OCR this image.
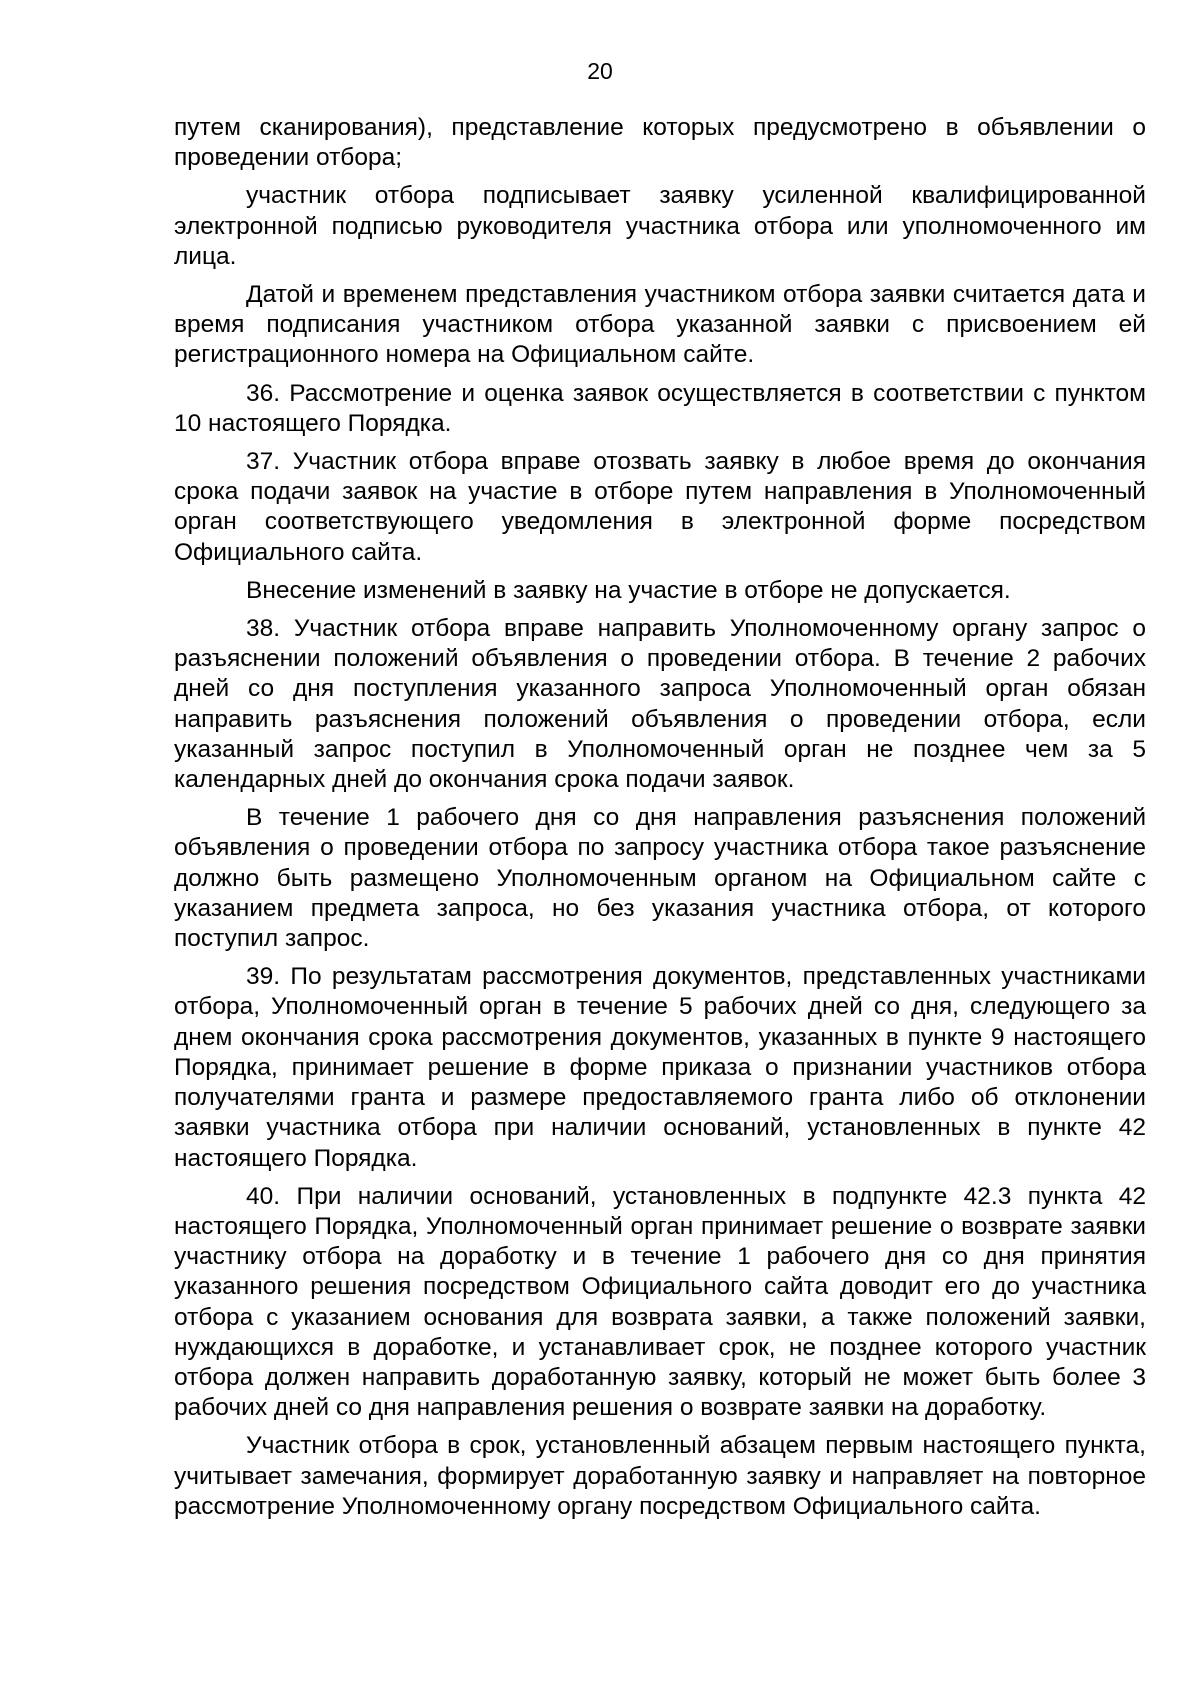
20

путем сканирования), представление которых предусмотрено в объявлении о проведении отбора;

участник отбора подписывает заявку усиленной квалифицированной электронной подписью руководителя участника отбора или уполномоченного им лица.

Датой и временем представления участником отбора заявки считается дата и время подписания участником отбора указанной заявки с присвоением ей регистрационного номера на Официальном сайте.

36. Рассмотрение и оценка заявок осуществляется в соответствии с пунктом 10 настоящего Порядка.

37. Участник отбора вправе отозвать заявку в любое время до окончания срока подачи заявок на участие в отборе путем направления в Уполномоченный орган соответствующего уведомления в электронной форме посредством Официального сайта.

Внесение изменений в заявку на участие в отборе не допускается.

38. Участник отбора вправе направить Уполномоченному органу запрос о разъяснении положений объявления о проведении отбора. В течение 2 рабочих дней со дня поступления указанного запроса Уполномоченный орган обязан направить разъяснения положений объявления о проведении отбора, если указанный запрос поступил в Уполномоченный орган не позднее чем за 5 календарных дней до окончания срока подачи заявок.

В течение 1 рабочего дня со дня направления разъяснения положений объявления о проведении отбора по запросу участника отбора такое разъяснение должно быть размещено Уполномоченным органом на Официальном сайте с указанием предмета запроса, но без указания участника отбора, от которого поступил запрос.

39. По результатам рассмотрения документов, представленных участниками отбора, Уполномоченный орган в течение 5 рабочих дней со дня, следующего за днем окончания срока рассмотрения документов, указанных в пункте 9 настоящего Порядка, принимает решение в форме приказа о признании участников отбора получателями гранта и размере предоставляемого гранта либо об отклонении заявки участника отбора при наличии оснований, установленных в пункте 42 настоящего Порядка.

40. При наличии оснований, установленных в подпункте 42.3 пункта 42 настоящего Порядка, Уполномоченный орган принимает решение о возврате заявки участнику отбора на доработку и в течение 1 рабочего дня со дня принятия указанного решения посредством Официального сайта доводит его до участника отбора с указанием основания для возврата заявки, а также положений заявки, нуждающихся в доработке, и устанавливает срок, не позднее которого участник отбора должен направить доработанную заявку, который не может быть более 3 рабочих дней со дня направления решения о возврате заявки на доработку.

Участник отбора в срок, установленный абзацем первым настоящего пункта, учитывает замечания, формирует доработанную заявку и направляет на повторное рассмотрение Уполномоченному органу посредством Официального сайта.
